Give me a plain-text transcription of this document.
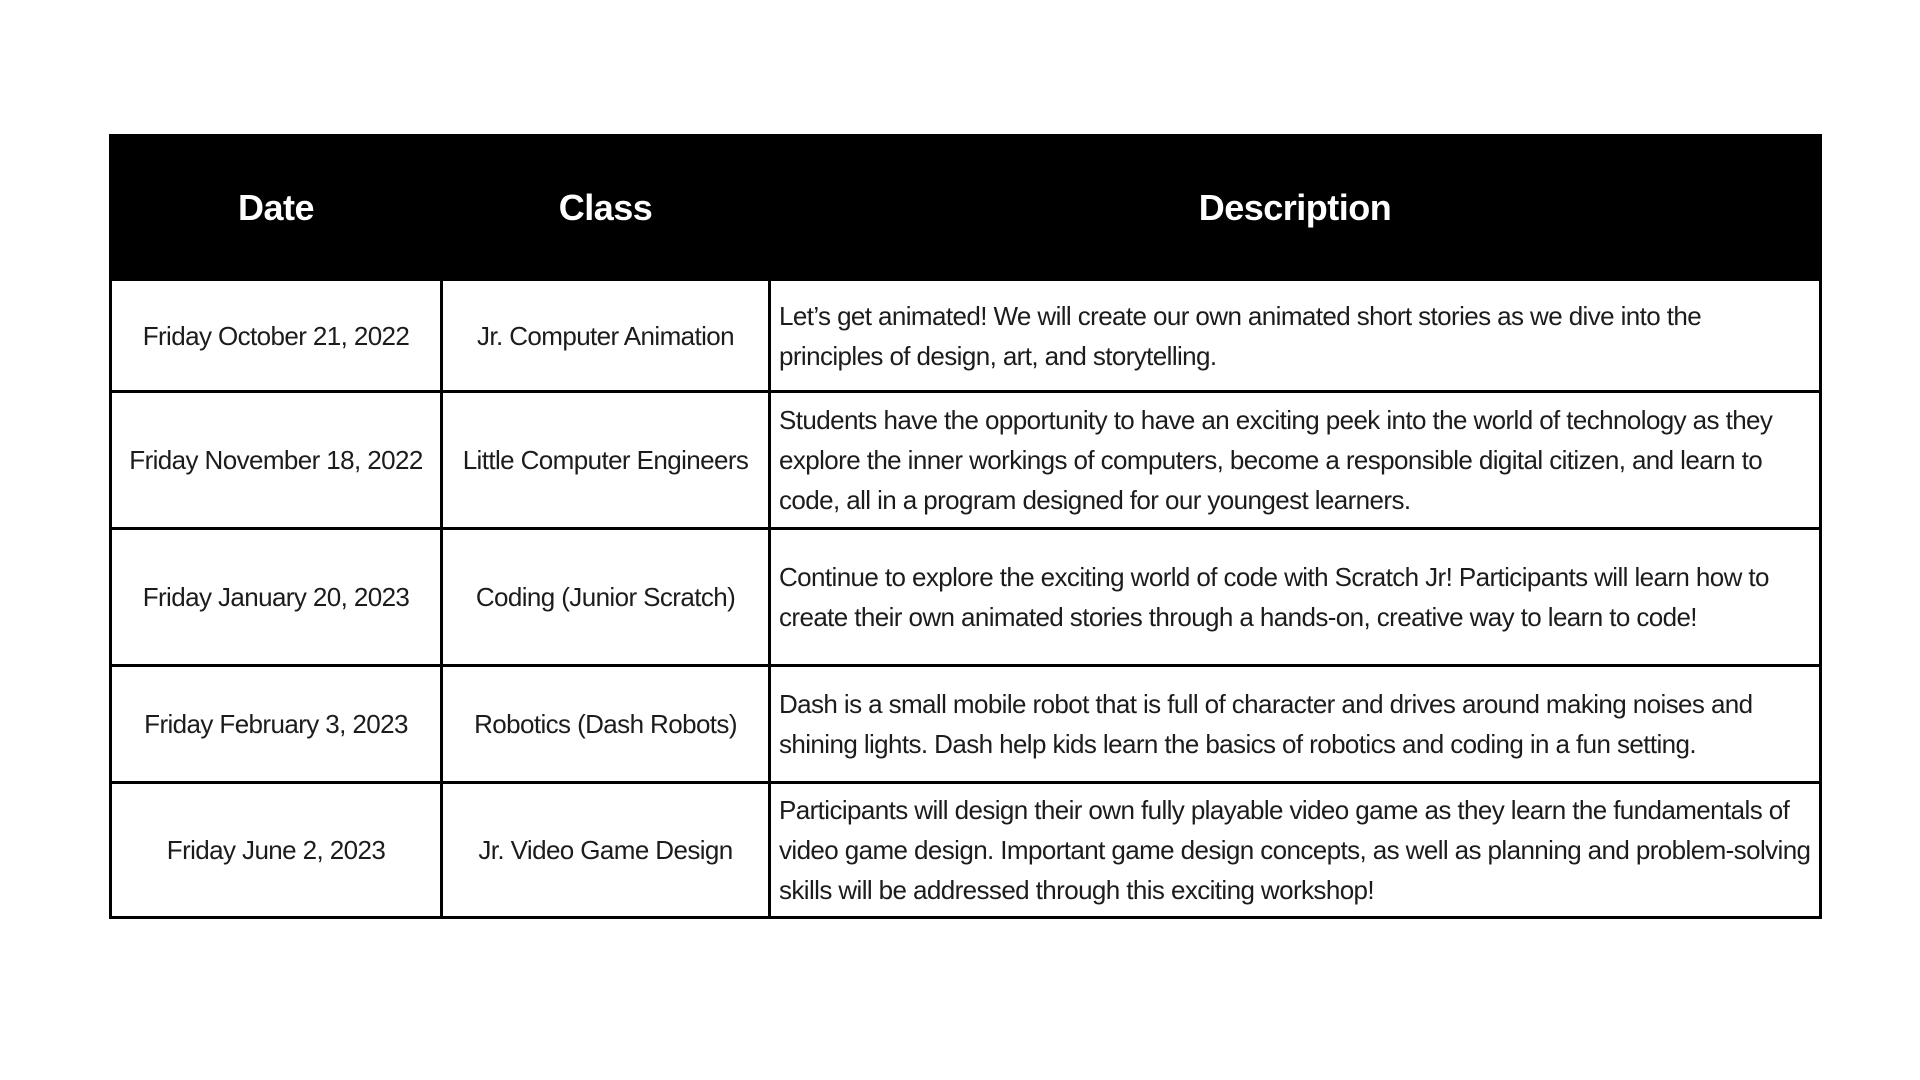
Date	Class	Description
Friday October 21, 2022	Jr. Computer Animation	Let’s get animated! We will create our own animated short stories as we dive into the principles of design, art, and storytelling.
Friday November 18, 2022	Little Computer Engineers	Students have the opportunity to have an exciting peek into the world of technology as they explore the inner workings of computers, become a responsible digital citizen, and learn to code, all in a program designed for our youngest learners.
Friday January 20, 2023	Coding (Junior Scratch)	Continue to explore the exciting world of code with Scratch Jr! Participants will learn how to create their own animated stories through a hands-on, creative way to learn to code!
Friday February 3, 2023	Robotics (Dash Robots)	Dash is a small mobile robot that is full of character and drives around making noises and shining lights. Dash help kids learn the basics of robotics and coding in a fun setting.
Friday June 2, 2023	Jr. Video Game Design	Participants will design their own fully playable video game as they learn the fundamentals of video game design. Important game design concepts, as well as planning and problem-solving skills will be addressed through this exciting workshop!
